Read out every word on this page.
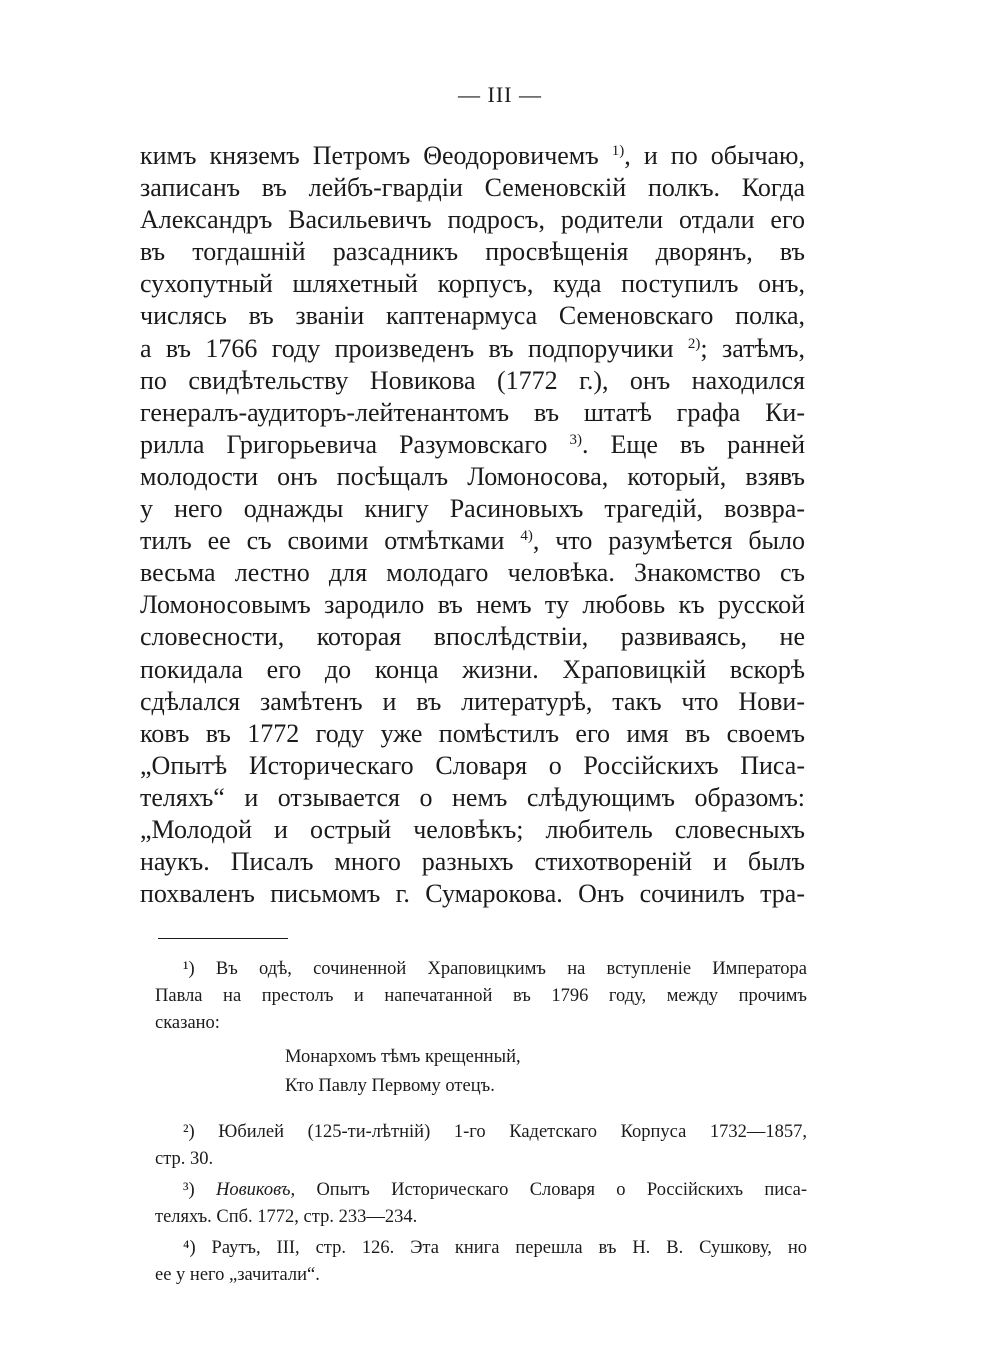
— III —
кимъ княземъ Петромъ Θеодоровичемъ $^{1)}$, и по обычаю,
записанъ въ лейбъ-гвардіи Семеновскій полкъ. Когда
Александръ Васильевичъ подросъ, родители отдали его
въ тогдашній разсадникъ просвѣщенія дворянъ, въ
сухопутный шляхетный корпусъ, куда поступилъ онъ,
числясь въ званіи каптенармуса Семеновскаго полка,
а въ 1766 году произведенъ въ подпоручики $^{2)}$; затѣмъ,
по свидѣтельству Новикова (1772 г.), онъ находился
генералъ-аудиторъ-лейтенантомъ въ штатѣ графа Ки-
рилла Григорьевича Разумовскаго $^{3)}$. Еще въ ранней
молодости онъ посѣщалъ Ломоносова, который, взявъ
у него однажды книгу Расиновыхъ трагедій, возвра-
тилъ ее съ своими отмѣтками $^{4)}$, что разумѣется было
весьма лестно для молодаго человѣка. Знакомство съ
Ломоносовымъ зародило въ немъ ту любовь къ русской
словесности, которая впослѣдствіи, развиваясь, не
покидала его до конца жизни. Храповицкій вскорѣ
сдѣлался замѣтенъ и въ литературѣ, такъ что Нови-
ковъ въ 1772 году уже помѣстилъ его имя въ своемъ
„Опытѣ Историческаго Словаря о Россійскихъ Писа-
теляхъ“ и отзывается о немъ слѣдующимъ образомъ:
„Молодой и острый человѣкъ; любитель словесныхъ
наукъ. Писалъ много разныхъ стихотвореній и былъ
похваленъ письмомъ г. Сумарокова. Онъ сочинилъ тра-
¹) Въ одѣ, сочиненной Храповицкимъ на вступленіе Императора
Павла на престолъ и напечатанной въ 1796 году, между прочимъ
сказано:
Монархомъ тѣмъ крещенный,
Кто Павлу Первому отецъ.
²) Юбилей (125-ти-лѣтній) 1-го Кадетскаго Корпуса 1732—1857,
стр. 30.
³) Новиковъ, Опытъ Историческаго Словаря о Россійскихъ писа-
теляхъ. Спб. 1772, стр. 233—234.
⁴) Раутъ, III, стр. 126. Эта книга перешла въ Н. В. Сушкову, но
ее у него „зачитали“.
